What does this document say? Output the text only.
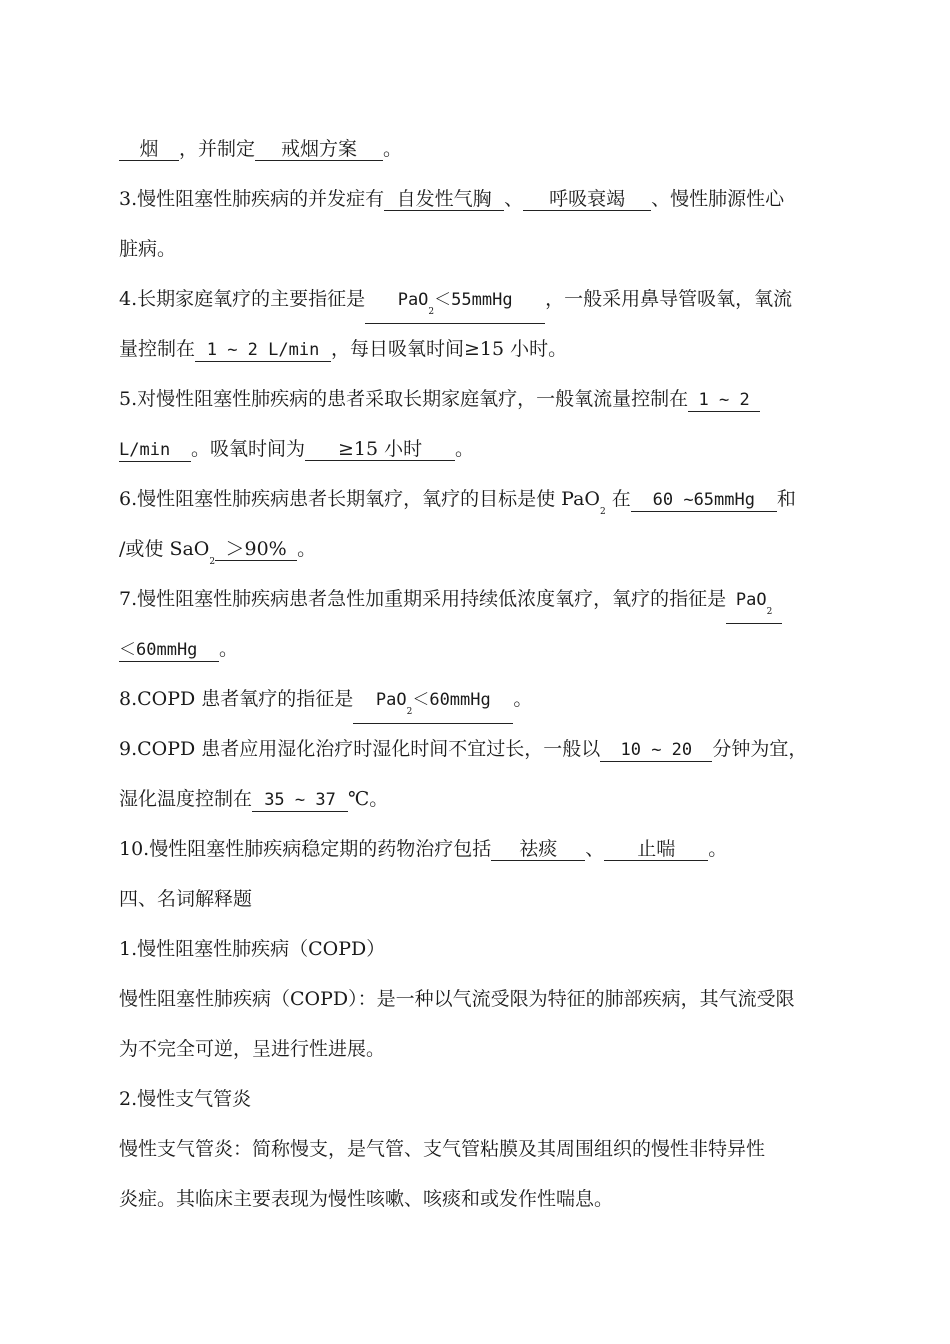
烟 ，并制定 戒烟方案 。
3.慢性阻塞性肺疾病的并发症有 自发性气胸 、 呼吸衰竭 、慢性肺源性心
脏病。
4.长期家庭氧疗的主要指征是 PaO$_2$＜55mmHg ，一般采用鼻导管吸氧，氧流
量控制在 1 ~ 2 L/min ，每日吸氧时间≥15 小时。
5.对慢性阻塞性肺疾病的患者采取长期家庭氧疗，一般氧流量控制在 1 ~ 2
L/min 。吸氧时间为 ≥15 小时 。
6.慢性阻塞性肺疾病患者长期氧疗，氧疗的目标是使 PaO$_2$ 在 60 ~65mmHg 和
/或使 SaO$_2$＞90% 。
7.慢性阻塞性肺疾病患者急性加重期采用持续低浓度氧疗，氧疗的指征是 PaO$_2$
＜60mmHg 。
8.COPD 患者氧疗的指征是 PaO$_2$＜60mmHg 。
9.COPD 患者应用湿化治疗时湿化时间不宜过长，一般以 10 ~ 20 分钟为宜，
湿化温度控制在 35 ~ 37 ℃。
10.慢性阻塞性肺疾病稳定期的药物治疗包括 祛痰 、 止喘 。
四、名词解释题
1.慢性阻塞性肺疾病（COPD）
慢性阻塞性肺疾病（COPD）：是一种以气流受限为特征的肺部疾病，其气流受限
为不完全可逆，呈进行性进展。
2.慢性支气管炎
慢性支气管炎：简称慢支，是气管、支气管粘膜及其周围组织的慢性非特异性
炎症。其临床主要表现为慢性咳嗽、咳痰和或发作性喘息。
